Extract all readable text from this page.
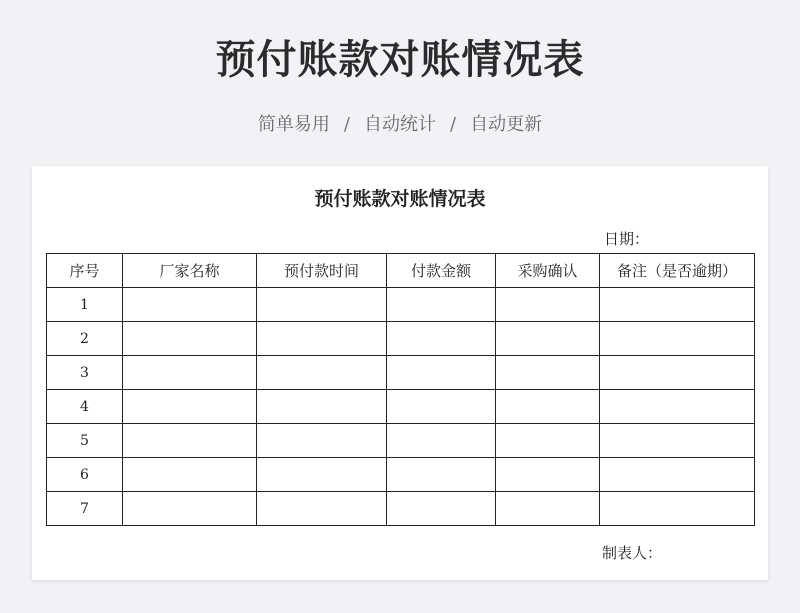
预付账款对账情况表
简单易用 / 自动统计 / 自动更新
预付账款对账情况表
日期：
序号	厂家名称	预付款时间	付款金额	采购确认	备注（是否逾期）
1					
2					
3					
4					
5					
6					
7					
制表人：
